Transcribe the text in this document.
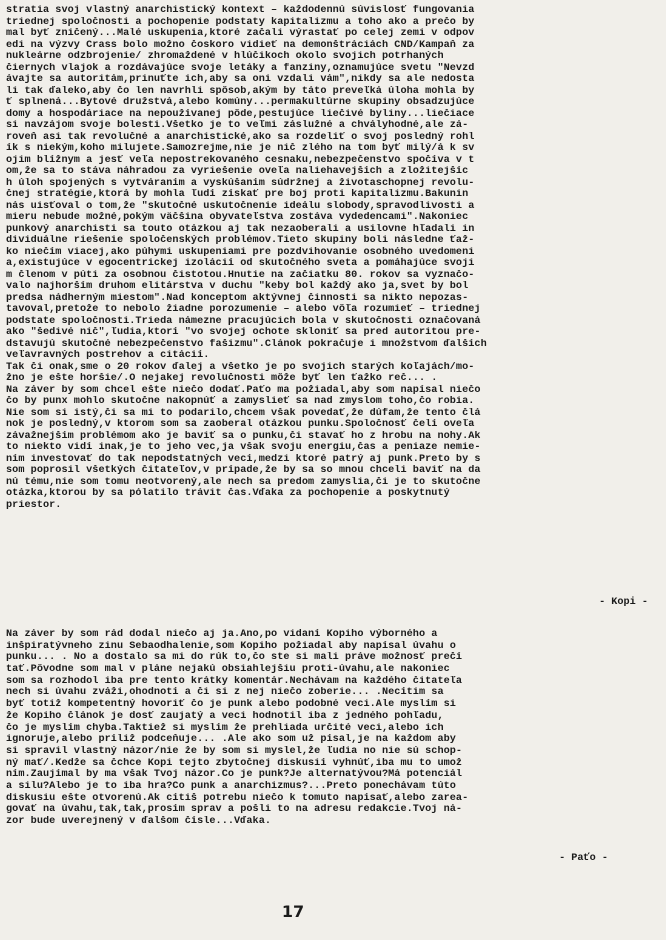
stratia svoj vlastný anarchistický kontext – každodennú súvislosť fungovania
triednej spoločnosti a pochopenie podstaty kapitalizmu a toho ako a prečo by
mal byť zničený...Malé uskupenia,ktoré začali výrastať po celej zemi v odpov
edi na výzvy Crass bolo možno čoskoro vidieť na demonštráciách CND/Kampaň za
nukleárne odzbrojenie/ zhromaždené v hlúčikoch okolo svojich potrhaných
čiernych vlajok a rozdávajúce svoje letáky a fanziny,oznamujúce svetu "Nevzd
ávajte sa autoritám,prinuťte ich,aby sa oni vzdali vám",nikdy sa ale nedosta
li tak ďaleko,aby čo len navrhli spôsob,akým by táto preveľká úloha mohla by
ť splnená...Bytové družstvá,alebo komúny...permakultúrne skupiny obsadzujúce
domy a hospodáriace na nepoužívanej pôde,pestujúce liečivé byliny...liečiace
si navzájom svoje bolesti.Všetko je to veľmi záslužné a chvályhodné,ale zá-
roveň asi tak revolučné a anarchistické,ako sa rozdeliť o svoj posledný rohl
ík s niekým,koho milujete.Samozrejme,nie je nič zlého na tom byť milý/á k sv
ojim blížnym a jesť veľa nepostrekovaného cesnaku,nebezpečenstvo spočíva v t
om,že sa to stáva náhradou za vyriešenie oveľa naliehavejších a zložitejšíc
h úloh spojených s vytváraním a vyskúšaním súdržnej a životaschopnej revolu-
čnej stratégie,ktorá by mohla ľudí získať pre boj proti kapitalizmu.Bakunin
nás uisťoval o tom,že "skutočné uskutočnenie ideálu slobody,spravodlivosti a
mieru nebude možné,pokým väčšina obyvateľstva zostáva vydedencami".Nakoniec
punkový anarchisti sa touto otázkou aj tak nezaoberali a usilovne hľadali in
dividuálne riešenie spoločenských problémov.Tieto skupiny boli následne ťaž-
ko niečím viacej,ako púhymi uskupeniami pre pozdvihovanie osobného uvedomeni
a,existujúce v egocentrickej izolácií od skutočného sveta a pomáhajúce svoji
m členom v púti za osobnou čistotou.Hnutie na začiatku 80. rokov sa vyznačo-
valo najhorším druhom elitárstva v duchu "keby bol každý ako ja,svet by bol
predsa nádherným miestom".Nad konceptom aktývnej činnosti sa nikto nepozas-
tavoval,pretože to nebolo žiadne porozumenie – alebo vôľa rozumieť – triednej
podstate spoločnosti.Trieda námezne pracujúcich bola v skutočnosti označovaná
ako "šedivé nič",ľudia,ktorí "vo svojej ochote skloniť sa pred autoritou pre-
dstavujú skutočné nebezpečenstvo fašizmu".Článok pokračuje i množstvom ďalších
veľavravných postrehov a citácií.
Tak či onak,sme o 20 rokov ďalej a všetko je po svojich starých koľajách/mo-
žno je ešte horšie/.O nejakej revolučnosti môže byť len ťažko reč... .
Na záver by som chcel ešte niečo dodať.Paťo ma požiadal,aby som napísal niečo
čo by punx mohlo skutočne nakopnúť a zamyslieť sa nad zmyslom toho,čo robia.
Nie som si istý,či sa mi to podarilo,chcem však povedať,že dúfam,že tento člá
nok je posledný,v ktorom som sa zaoberal otázkou punku.Spoločnosť čelí oveľa
závažnejším problémom ako je baviť sa o punku,či stavať ho z hrobu na nohy.Ak
to niekto vidí inak,je to jeho vec,ja však svoju energiu,čas a peniaze nemie-
ním investovať do tak nepodstatných vecí,medzi ktoré patrý aj punk.Preto by s
som poprosil všetkých čitateľov,v prípade,že by sa so mnou chceli baviť na da
nú tému,nie som tomu neotvorený,ale nech sa predom zamyslia,či je to skutočne
otázka,ktorou by sa pólatilo trávit čas.Vďaka za pochopenie a poskytnutý
priestor.
- Kopi -
Na záver by som rád dodal niečo aj ja.Áno,po vidaní Kopiho výborného a
inšpiratývneho zinu Sebaodhalenie,som Kopiho požiadal aby napísal úvahu o
punku... . No a dostalo sa mi do rúk to,čo ste si mali práve možnosť prečí
tať.Pôvodne som mal v pláne nejakú obsiahlejšiu proti-úvahu,ale nakoniec
som sa rozhodol iba pre tento krátky komentár.Nechávam na každého čitateľa
nech si úvahu zváži,ohodnotí a či si z nej niečo zoberie... .Necítim sa
byť totiž kompetentný hovoriť čo je punk alebo podobné veci.Ale myslím si
že Kopiho článok je dosť zaujatý a veci hodnotil iba z jedného pohľadu,
čo je myslím chyba.Taktiež si myslím že prehliada určité veci,alebo ich
ignoruje,alebo príliž podceňuje... .Ale ako som už písal,je na každom aby
si spravil vlastný názor/nie že by som si myslel,že ľudia no nie sú schop-
ný mať/.Kedže sa čchce Kopi tejto zbytočnej diskusií vyhnúť,iba mu to umož
ním.Zaujímal by ma však Tvoj názor.Čo je punk?Je alternatývou?Má potenciál
a silu?Alebo je to iba hra?Čo punk a anarchizmus?...Preto ponechávam túto
diskusiu ešte otvorenú.Ak cítiš potrebu niečo k tomuto napísať,alebo zarea-
govať na úvahu,tak,tak,prosím sprav a pošli to na adresu redakcie.Tvoj ná-
zor bude uverejnený v ďalšom čísle...Vďaka.
- Paťo -
17
